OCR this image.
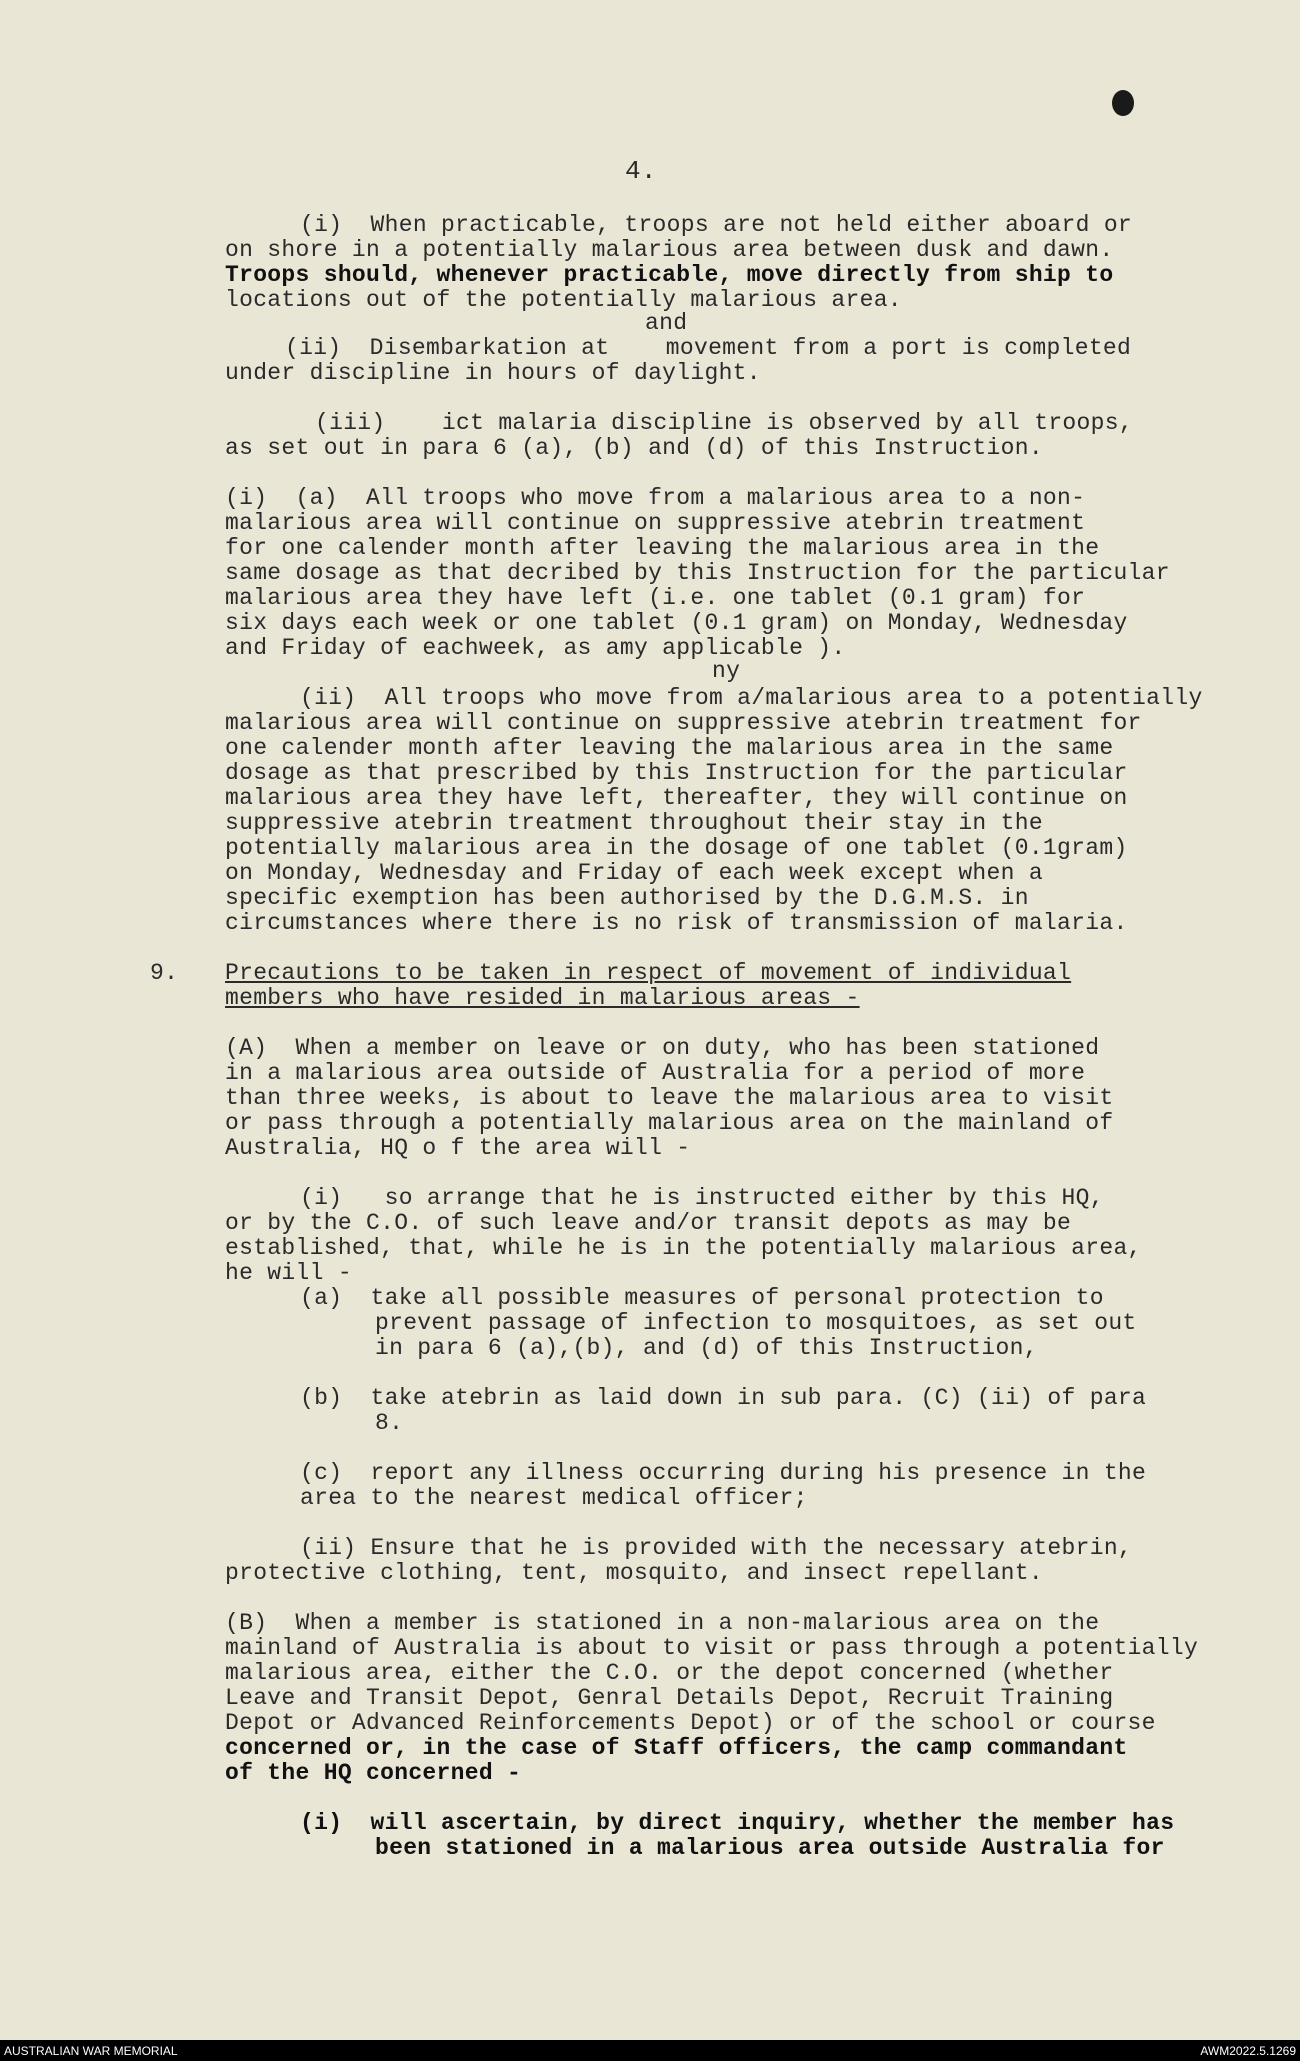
4.
(i)  When practicable, troops are not held either aboard or
on shore in a potentially malarious area between dusk and dawn.
Troops should, whenever practicable, move directly from ship to
locations out of the potentially malarious area.
and
(ii)  Disembarkation at    movement from a port is completed
under discipline in hours of daylight.
(iii)    ict malaria discipline is observed by all troops,
as set out in para 6 (a), (b) and (d) of this Instruction.
(i)  (a)  All troops who move from a malarious area to a non-
malarious area will continue on suppressive atebrin treatment
for one calender month after leaving the malarious area in the
same dosage as that decribed by this Instruction for the particular
malarious area they have left (i.e. one tablet (0.1 gram) for
six days each week or one tablet (0.1 gram) on Monday, Wednesday
and Friday of eachweek, as amy applicable ).
ny
(ii)  All troops who move from a/malarious area to a potentially
malarious area will continue on suppressive atebrin treatment for
one calender month after leaving the malarious area in the same
dosage as that prescribed by this Instruction for the particular
malarious area they have left, thereafter, they will continue on
suppressive atebrin treatment throughout their stay in the
potentially malarious area in the dosage of one tablet (0.1gram)
on Monday, Wednesday and Friday of each week except when a
specific exemption has been authorised by the D.G.M.S. in
circumstances where there is no risk of transmission of malaria.
9. Precautions to be taken in respect of movement of individual
members who have resided in malarious areas -
(A)  When a member on leave or on duty, who has been stationed
in a malarious area outside of Australia for a period of more
than three weeks, is about to leave the malarious area to visit
or pass through a potentially malarious area on the mainland of
Australia, HQ o f the area will -
(i)   so arrange that he is instructed either by this HQ,
or by the C.O. of such leave and/or transit depots as may be
established, that, while he is in the potentially malarious area,
he will -
(a)  take all possible measures of personal protection to
prevent passage of infection to mosquitoes, as set out
in para 6 (a),(b), and (d) of this Instruction,
(b)  take atebrin as laid down in sub para. (C) (ii) of para
8.
(c)  report any illness occurring during his presence in the
area to the nearest medical officer;
(ii) Ensure that he is provided with the necessary atebrin,
protective clothing, tent, mosquito, and insect repellant.
(B)  When a member is stationed in a non-malarious area on the
mainland of Australia is about to visit or pass through a potentially
malarious area, either the C.O. or the depot concerned (whether
Leave and Transit Depot, Genral Details Depot, Recruit Training
Depot or Advanced Reinforcements Depot) or of the school or course
concerned or, in the case of Staff officers, the camp commandant
of the HQ concerned -
(i)  will ascertain, by direct inquiry, whether the member has
been stationed in a malarious area outside Australia for
AUSTRALIAN WAR MEMORIAL	AWM2022.5.1269
